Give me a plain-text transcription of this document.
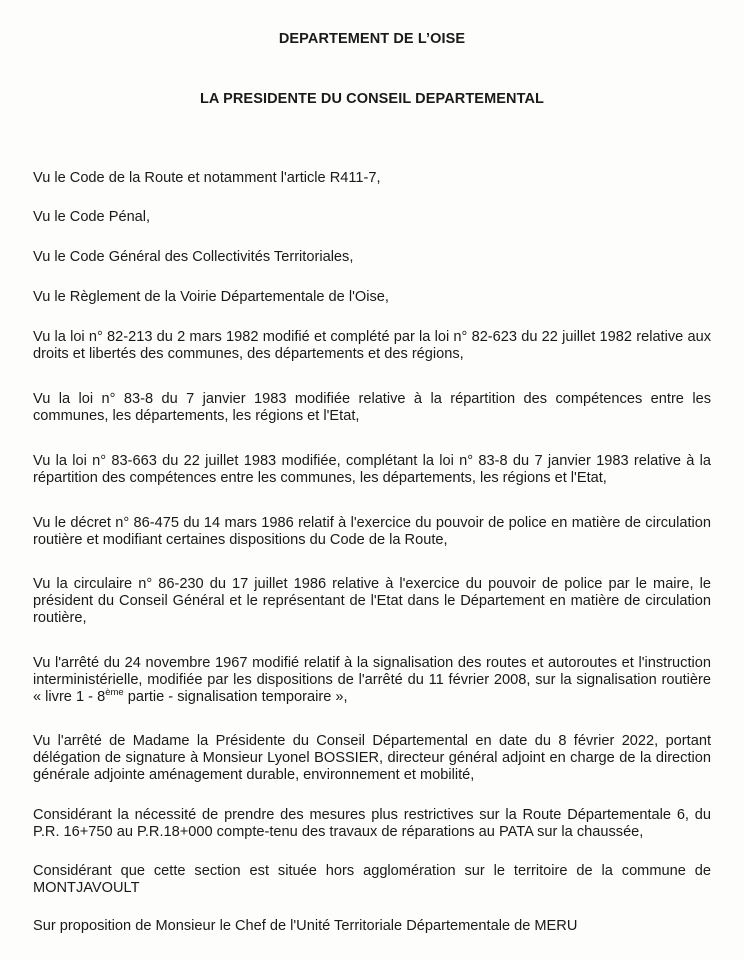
DEPARTEMENT DE L’OISE
LA PRESIDENTE DU CONSEIL DEPARTEMENTAL
Vu le Code de la Route et notamment l'article R411-7,
Vu le Code Pénal,
Vu le Code Général des Collectivités Territoriales,
Vu le Règlement de la Voirie Départementale de l'Oise,
Vu la loi n° 82-213 du 2 mars 1982 modifié et complété par la loi n° 82-623 du 22 juillet 1982 relative aux droits et libertés des communes, des départements et des régions,
Vu la loi n° 83-8 du 7 janvier 1983 modifiée relative à la répartition des compétences entre les communes, les départements, les régions et l'Etat,
Vu la loi n° 83-663 du 22 juillet 1983 modifiée, complétant la loi n° 83-8 du 7 janvier 1983 relative à la répartition des compétences entre les communes, les départements, les régions et l'Etat,
Vu le décret n° 86-475 du 14 mars 1986 relatif à l'exercice du pouvoir de police en matière de circulation routière et modifiant certaines dispositions du Code de la Route,
Vu la circulaire n° 86-230 du 17 juillet 1986 relative à l'exercice du pouvoir de police par le maire, le président du Conseil Général et le représentant de l'Etat dans le Département en matière de circulation routière,
Vu l'arrêté du 24 novembre 1967 modifié relatif à la signalisation des routes et autoroutes et l'instruction interministérielle, modifiée par les dispositions de l'arrêté du 11 février 2008, sur la signalisation routière « livre 1 - 8ème partie - signalisation temporaire »,
Vu l'arrêté de Madame la Présidente du Conseil Départemental en date du 8 février 2022, portant délégation de signature à Monsieur Lyonel BOSSIER, directeur général adjoint en charge de la direction générale adjointe aménagement durable, environnement et mobilité,
Considérant la nécessité de prendre des mesures plus restrictives sur la Route Départementale 6, du P.R. 16+750 au P.R.18+000 compte-tenu des travaux de réparations au PATA sur la chaussée,
Considérant que cette section est située hors agglomération sur le territoire de la commune de MONTJAVOULT
Sur proposition de Monsieur le Chef de l'Unité Territoriale Départementale de MERU
